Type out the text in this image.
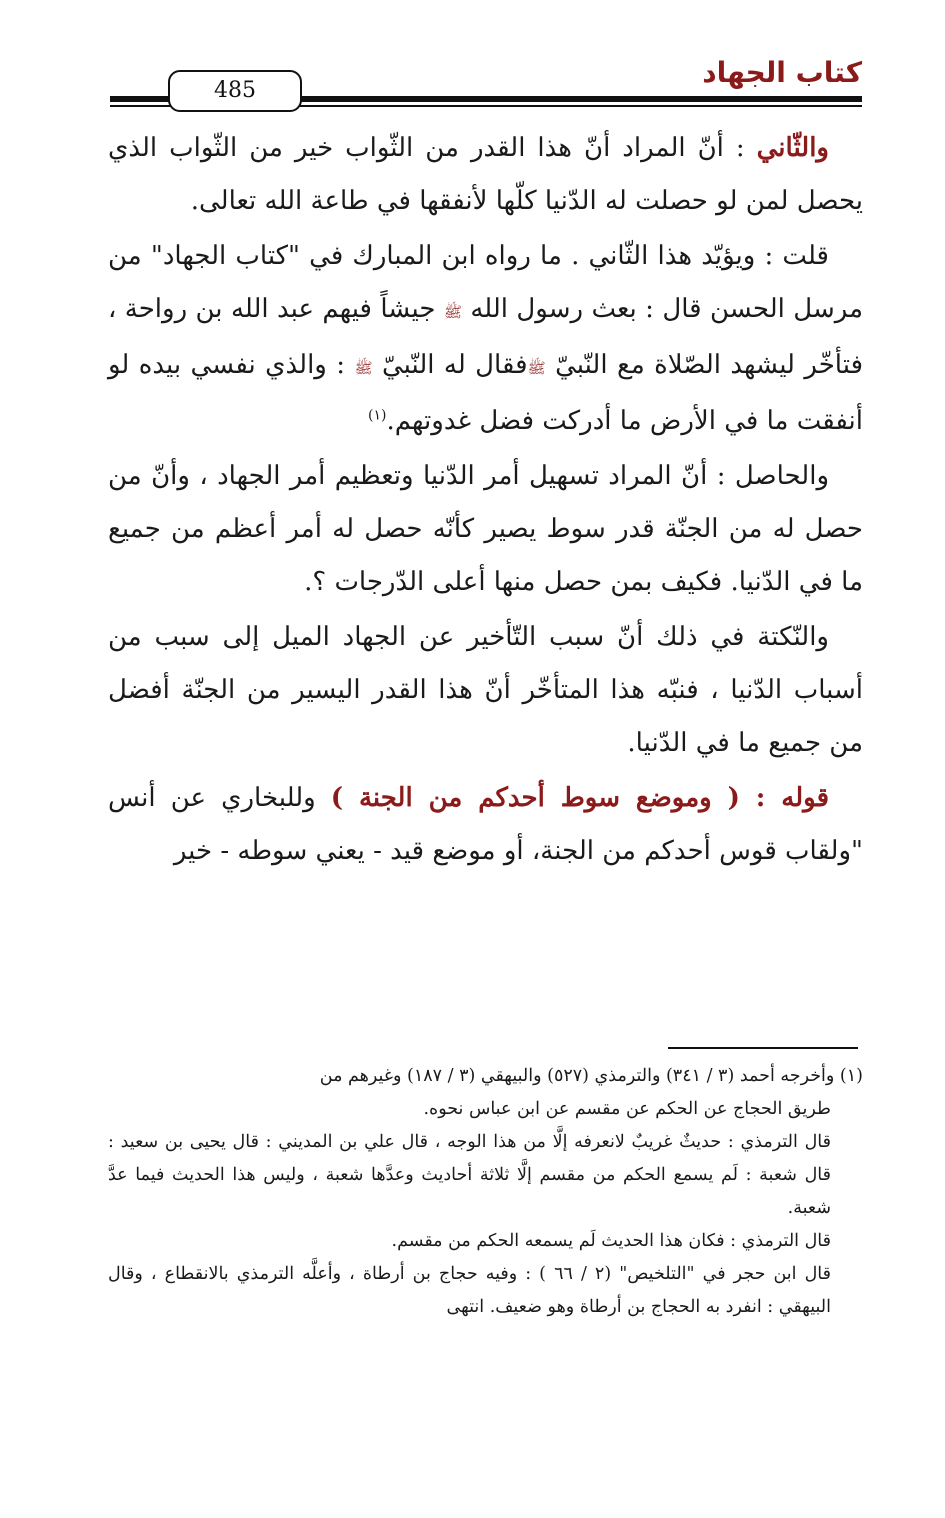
كتاب الجهاد
485

والثّاني : أنّ المراد أنّ هذا القدر من الثّواب خير من الثّواب الذي يحصل لمن لو حصلت له الدّنيا كلّها لأنفقها في طاعة الله تعالى.

قلت : ويؤيّد هذا الثّاني . ما رواه ابن المبارك في "كتاب الجهاد" من مرسل الحسن قال : بعث رسول الله ﷺ جيشاً فيهم عبد الله بن رواحة ، فتأخّر ليشهد الصّلاة مع النّبيّ ﷺفقال له النّبيّ ﷺ : والذي نفسي بيده لو أنفقت ما في الأرض ما أدركت فضل غدوتهم.$^{(١)}$

والحاصل : أنّ المراد تسهيل أمر الدّنيا وتعظيم أمر الجهاد ، وأنّ من حصل له من الجنّة قدر سوط يصير كأنّه حصل له أمر أعظم من جميع ما في الدّنيا. فكيف بمن حصل منها أعلى الدّرجات ؟.

والنّكتة في ذلك أنّ سبب التّأخير عن الجهاد الميل إلى سبب من أسباب الدّنيا ، فنبّه هذا المتأخّر أنّ هذا القدر اليسير من الجنّة أفضل من جميع ما في الدّنيا.

قوله : ( وموضع سوط أحدكم من الجنة ) وللبخاري عن أنس "ولقاب قوس أحدكم من الجنة، أو موضع قيد - يعني سوطه - خير

(١) وأخرجه أحمد (٣ / ٣٤١) والترمذي (٥٢٧) والبيهقي (٣ / ١٨٧) وغيرهم من

طريق الحجاج عن الحكم عن مقسم عن ابن عباس نحوه.

قال الترمذي : حديثٌ غريبٌ لانعرفه إلَّا من هذا الوجه ، قال علي بن المديني : قال يحيى بن سعيد : قال شعبة : لَم يسمع الحكم من مقسم إلَّا ثلاثة أحاديث وعدَّها شعبة ، وليس هذا الحديث فيما عدَّ شعبة.

قال الترمذي : فكان هذا الحديث لَم يسمعه الحكم من مقسم.

قال ابن حجر في "التلخيص" (٢ / ٦٦ ) : وفيه حجاج بن أرطاة ، وأعلَّه الترمذي بالانقطاع ، وقال البيهقي : انفرد به الحجاج بن أرطاة وهو ضعيف. انتهى
